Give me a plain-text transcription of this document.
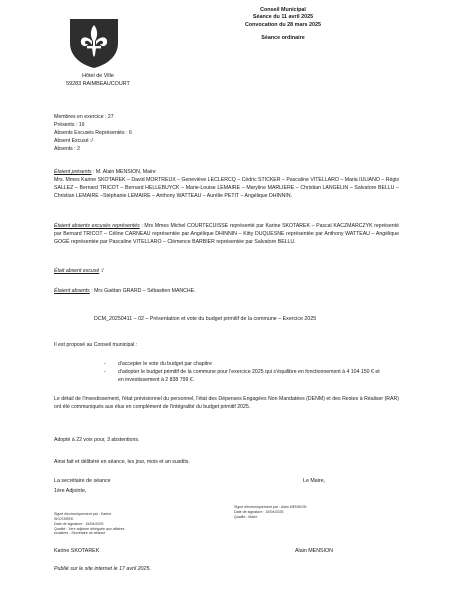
Conseil Municipal
Séance du 11 avril 2025
Convocation du 28 mars 2025
Séance ordinaire
Hôtel de Ville
59283 RAIMBEAUCOURT
Membres en exercice : 27
Présents : 19
Absents Excusés Représentés : 6
Absent Excusé :/
Absents : 2
Étaient présents : M. Alain MENSION, Maire
Mrs. Mmes Karine SKOTAREK – David MORTREUX – Geneviève LECLERCQ – Cédric STICKER – Pascaline VITELLARO – Maria IULIANO – Régis SALLEZ – Bernard TRICOT – Bernard HELLEBUYCK – Marie-Louise LEMAIRE – Maryline MARLIERE – Christian LANGELIN – Salvatore BELLU – Christian LEMAIRE –Stéphanie LEMAIRE – Anthony WATTEAU – Aurélie PETIT – Angélique DHINNIN.
Étaient absents excusés représentés : Mrs Mmes Michel COURTECUISSE représenté par Karine SKOTAREK – Pascal KACZMARCZYK représenté par Bernard TRICOT – Céline CARNEAU représentée par Angélique DHINNIN – Kitty DUQUESNE représentée par Anthony WATTEAU – Angélique GOGÉ représentée par Pascaline VITELLARO – Clémence BARBIER représentée par Salvatore BELLU.
Était absent excusé :/
Étaient absents : Mrs Gaëtan GRARD – Sébastien MANCHE.
DCM_20250411 – 02 – Présentation et vote du budget primitif de la commune – Exercice 2025
Il est proposé au Conseil municipal :
-	d'accepter le vote du budget par chapitre
-	d'adopter le budget primitif de la commune pour l'exercice 2025 qui s'équilibre en fonctionnement à 4 104 150 € et en investissement à 2 838 799 €.
Le détail de l'investissement, l'état prévisionnel du personnel, l'état des Dépenses Engagées Non Mandatées (DENM) et des Restes à Réaliser (RAR) ont été communiqués aux élus en complément de l'intégralité du budget primitif 2025.
Adopté à 22 voix pour, 3 abstentions.
Ainsi fait et délibéré en séance, les jour, mois et an susdits.
La secrétaire de séance
1ère Adjointe,
Le Maire,
Signé électroniquement par : Alain MENSION
Date de signature : 15/04/2025
Qualité : Maire
Signé électroniquement par : Karine
SKOTAREK
Date de signature : 15/04/2025
Qualité : 1ère adjointe déléguée aux affaires
scolaires - Secrétaire de séance
Karine SKOTAREK	Alain MENSION
Publié sur le site internet le 17 avril 2025.
